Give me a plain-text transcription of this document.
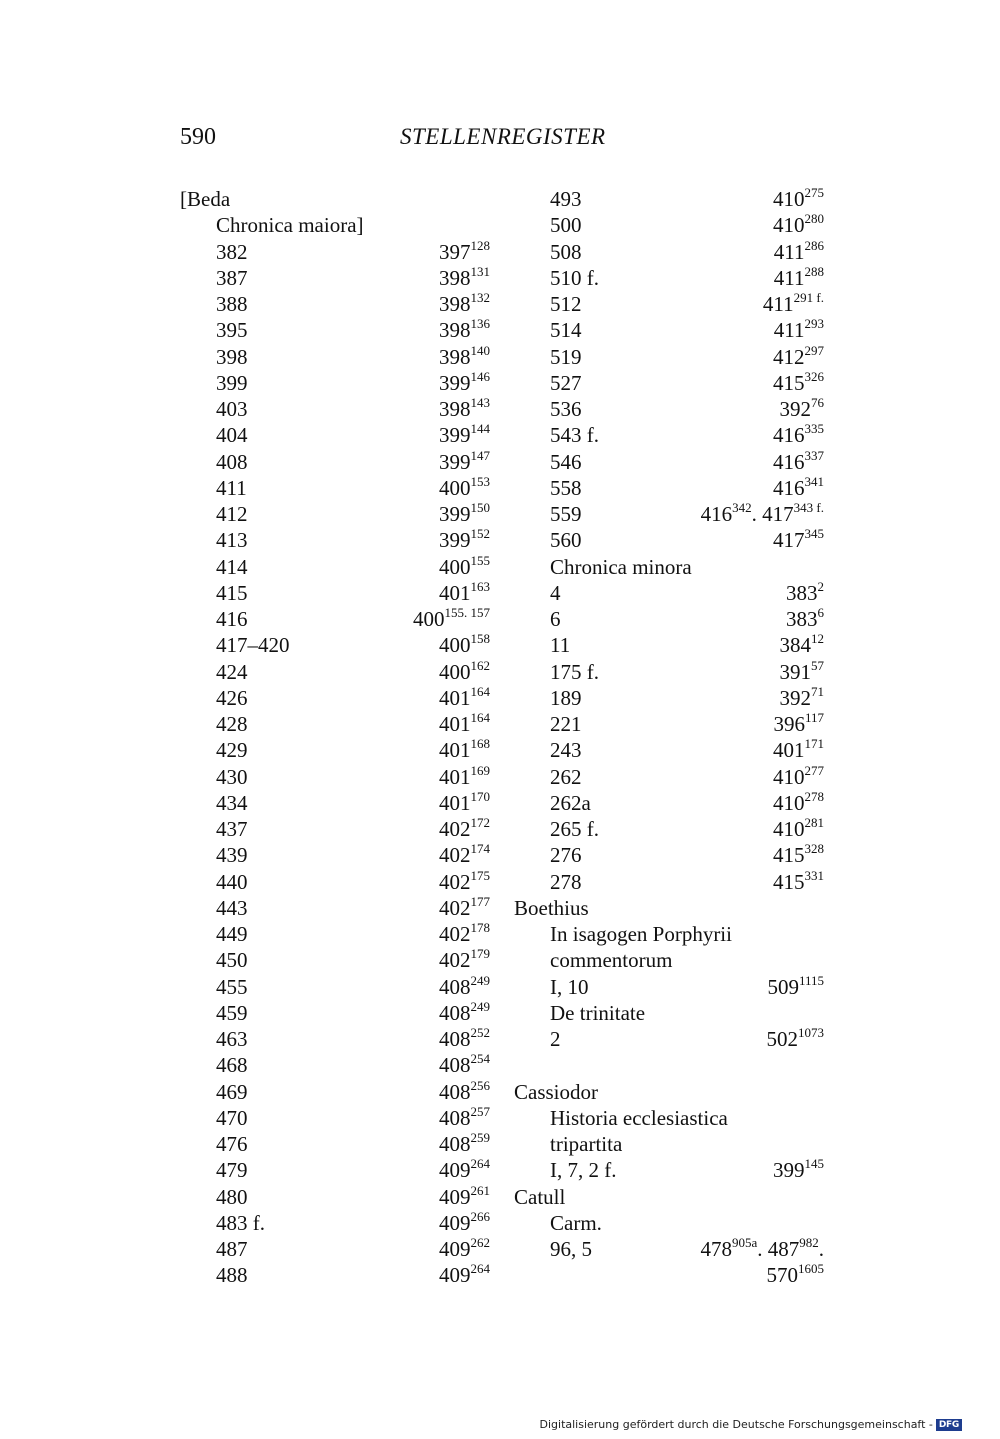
590	STELLENREGISTER
[Beda
Chronica maiora]
382	$397^{128}$
387	$398^{131}$
388	$398^{132}$
395	$398^{136}$
398	$398^{140}$
399	$399^{146}$
403	$398^{143}$
404	$399^{144}$
408	$399^{147}$
411	$400^{153}$
412	$399^{150}$
413	$399^{152}$
414	$400^{155}$
415	$401^{163}$
416	$400^{155. 157}$
417–420	$400^{158}$
424	$400^{162}$
426	$401^{164}$
428	$401^{164}$
429	$401^{168}$
430	$401^{169}$
434	$401^{170}$
437	$402^{172}$
439	$402^{174}$
440	$402^{175}$
443	$402^{177}$
449	$402^{178}$
450	$402^{179}$
455	$408^{249}$
459	$408^{249}$
463	$408^{252}$
468	$408^{254}$
469	$408^{256}$
470	$408^{257}$
476	$408^{259}$
479	$409^{264}$
480	$409^{261}$
483 f.	$409^{266}$
487	$409^{262}$
488	$409^{264}$
493	$410^{275}$
500	$410^{280}$
508	$411^{286}$
510 f.	$411^{288}$
512	$411^{291 f.}$
514	$411^{293}$
519	$412^{297}$
527	$415^{326}$
536	$392^{76}$
543 f.	$416^{335}$
546	$416^{337}$
558	$416^{341}$
559	$416^{342}$. $417^{343 f.}$
560	$417^{345}$
Chronica minora
4	$383^2$
6	$383^6$
11	$384^{12}$
175 f.	$391^{57}$
189	$392^{71}$
221	$396^{117}$
243	$401^{171}$
262	$410^{277}$
262a	$410^{278}$
265 f.	$410^{281}$
276	$415^{328}$
278	$415^{331}$
Boethius
In isagogen Porphyrii
commentorum
I, 10	$509^{1115}$
De trinitate
2	$502^{1073}$
Cassiodor
Historia ecclesiastica
tripartita
I, 7, 2 f.	$399^{145}$
Catull
Carm.
96, 5	$478^{905a}$. $487^{982}$.
$570^{1605}$
Digitalisierung gefördert durch die Deutsche Forschungsgemeinschaft - DFG
